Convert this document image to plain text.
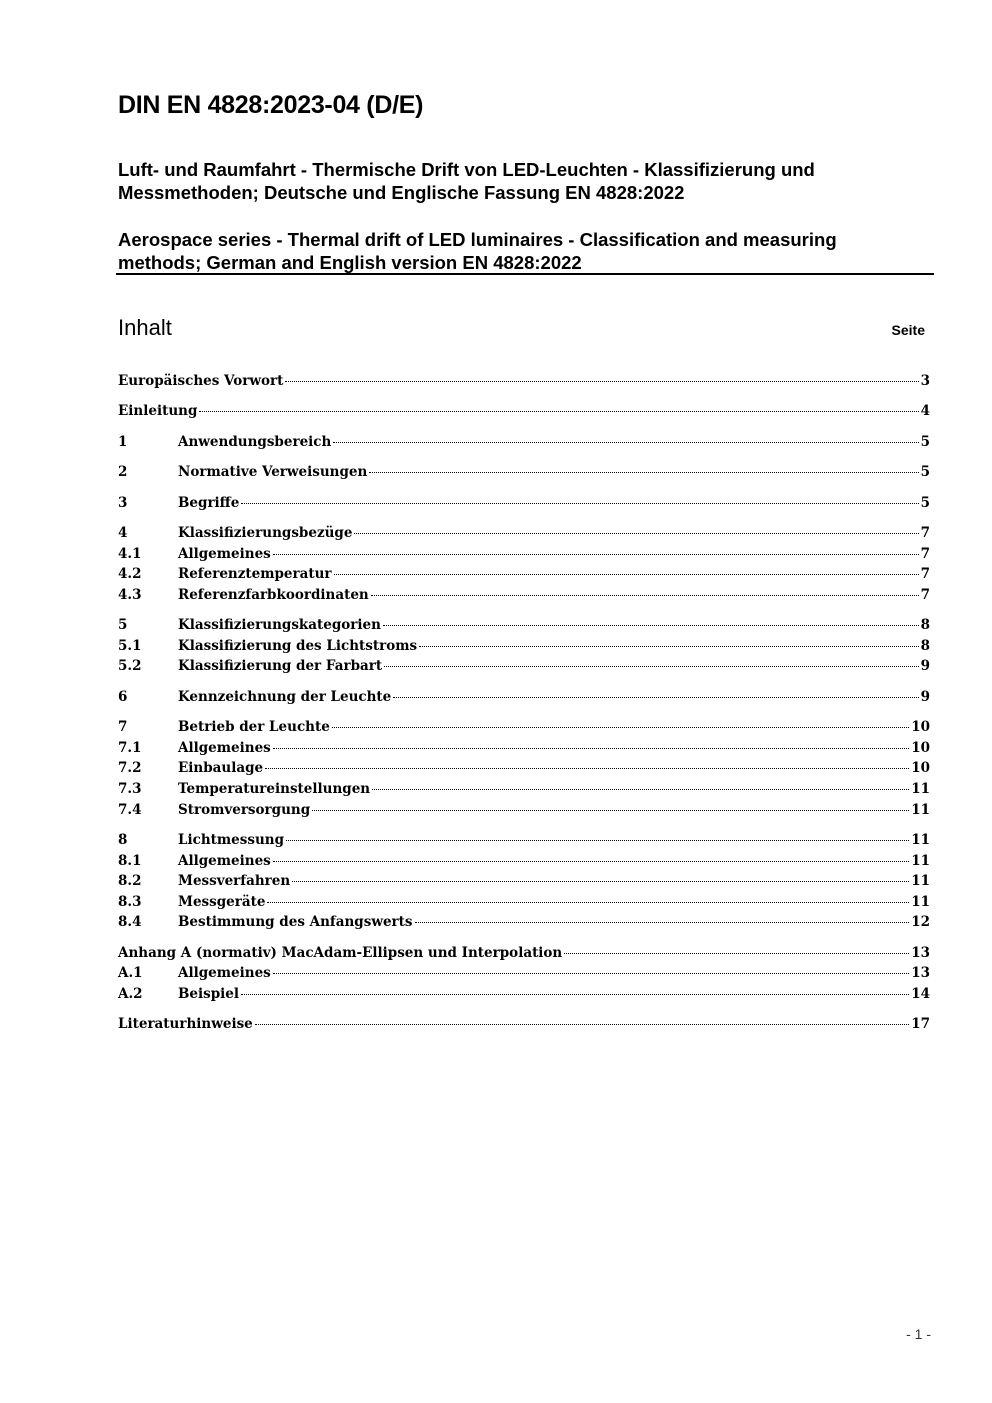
DIN EN 4828:2023-04 (D/E)

Luft- und Raumfahrt - Thermische Drift von LED-Leuchten - Klassifizierung und Messmethoden; Deutsche und Englische Fassung EN 4828:2022

Aerospace series - Thermal drift of LED luminaires - Classification and measuring methods; German and English version EN 4828:2022

Inhalt	Seite
Europäisches Vorwort	3
Einleitung	4
1	Anwendungsbereich	5
2	Normative Verweisungen	5
3	Begriffe	5
4	Klassifizierungsbezüge	7
4.1	Allgemeines	7
4.2	Referenztemperatur	7
4.3	Referenzfarbkoordinaten	7
5	Klassifizierungskategorien	8
5.1	Klassifizierung des Lichtstroms	8
5.2	Klassifizierung der Farbart	9
6	Kennzeichnung der Leuchte	9
7	Betrieb der Leuchte	10
7.1	Allgemeines	10
7.2	Einbaulage	10
7.3	Temperatureinstellungen	11
7.4	Stromversorgung	11
8	Lichtmessung	11
8.1	Allgemeines	11
8.2	Messverfahren	11
8.3	Messgeräte	11
8.4	Bestimmung des Anfangswerts	12
Anhang A (normativ) MacAdam-Ellipsen und Interpolation	13
A.1	Allgemeines	13
A.2	Beispiel	14
Literaturhinweise	17
- 1 -
